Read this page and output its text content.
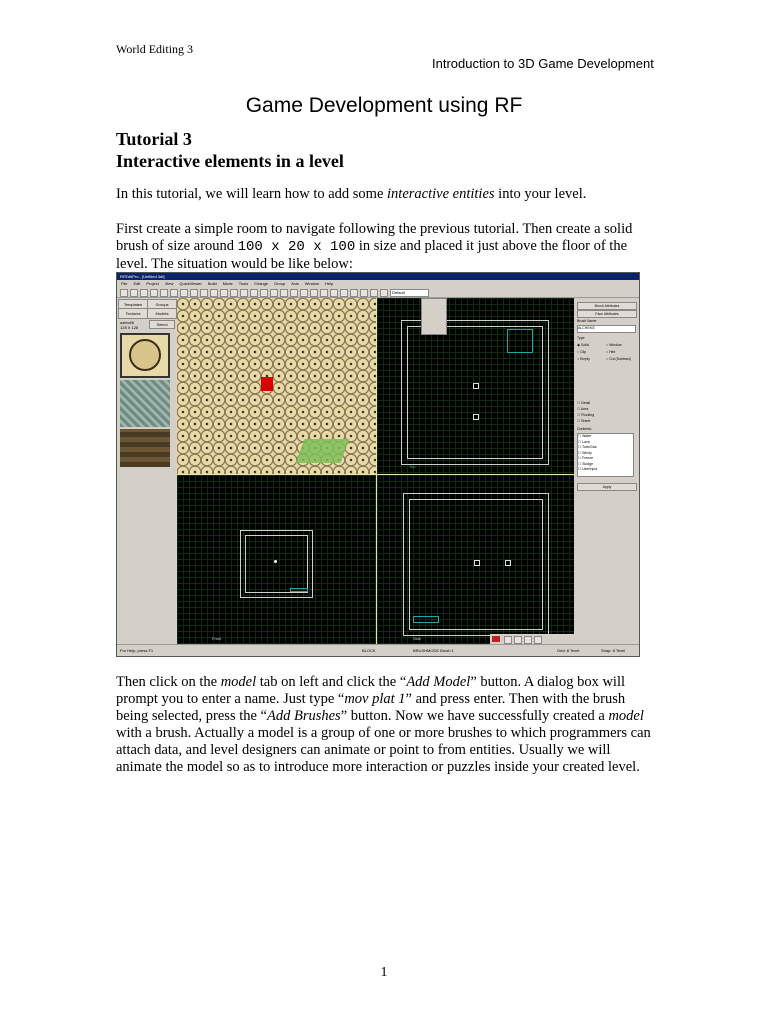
World Editing 3
Introduction to 3D Game Development
Game Development using RF
Tutorial 3
Interactive elements in a level
In this tutorial, we will learn how to add some interactive entities into your level.
First create a simple room to navigate following the previous tutorial. Then create a solid brush of size around 100 x 20 x 100 in size and placed it just above the floor of the level. The situation would be like below:
RFEditPro - [Untitled.3dt]
File Edit Project View QuickViewer Build Mode Tools Change Group Axis Window Help
Default
Templates	Groups
Textures	Models
aztec66
128 X 128
Select
Top
Front	Side
Brush Attributes
Face Attributes
Brush Name
ALCHEM3
Type
◉ Solid	○ Window
○ Clip	○ Hint
○ Empty	○ Cut (Subtract)
☐ Detail
☐ Area
☐ Flocking
☐ Sheet
Contents:
☐ Water
☐ Lava
☐ ToxicGas
☐ Windy
☐ Freeze
☐ Sludge
☐ UserInput
Apply
For Help, press F1	BLOCK	BRUSHMODE Brush 1	Grid: 8 Texel	Snap: 8 Texel
Then click on the model tab on left and click the “Add Model” button. A dialog box will prompt you to enter a name. Just type “mov plat 1” and press enter. Then with the brush being selected, press the “Add Brushes” button. Now we have successfully created a model with a brush. Actually a model is a group of one or more brushes to which programmers can attach data, and level designers can animate or point to from entities. Usually we will animate the model so as to introduce more interaction or puzzles inside your created level.
1
